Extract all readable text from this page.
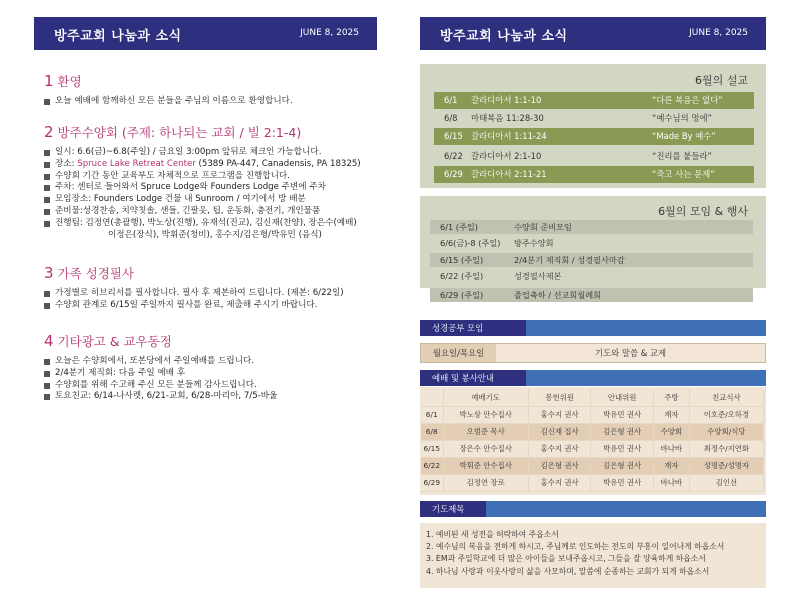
방주교회 나눔과 소식	JUNE 8, 2025	방주교회 나눔과 소식	JUNE 8, 2025
1 환영
오늘 예배에 함께하신 모든 분들을 주님의 이름으로 환영합니다.
2 방주수양회 (주제: 하나되는 교회 / 빌 2:1-4)
일시: 6.6(금)~6.8(주일) / 금요일 3:00pm 앞뒤로 체크인 가능합니다.
장소: Spruce Lake Retreat Center (5389 PA-447, Canadensis, PA 18325)
수양회 기간 동안 교육부도 자체적으로 프로그램을 진행합니다.
주차: 센터로 들어와서 Spruce Lodge와 Founders Lodge 주변에 주차
모임장소: Founders Lodge 건물 내 Sunroom / 여기에서 방 배분
준비물:성경찬송, 치약칫솔, 샌들, 긴팔옷, 팁, 운동화, 충전기, 개인물품
진행팀: 김정연(총괄행), 박노상(진행), 유재석(진교), 김신재(찬양), 장은수(예배)
이정은(장식), 박휘준(청비), 홍수지/김은형/박유민 (음식)
3 가족 성경필사
가정별로 히브리서를 필사합니다. 필사 후 제본하여 드립니다. (제본: 6/22일)
수양회 관계로 6/15일 주일까지 필사를 완료, 제출해 주시기 바랍니다.
4 기타광고 & 교우동정
오늘은 수양회에서, 또본당에서 주일예배를 드립니다.
2/4분기 제직회: 다음 주일 예배 후
수양회를 위해 수고해 주신 모든 분들께 감사드립니다.
토요친교: 6/14-나사렛, 6/21-교회, 6/28-마리아, 7/5-바울
6월의 설교
6/1 갈라디아서 1:1-10	“다른 복음은 없다”
6/8 마태복음 11:28-30	“예수님의 멍에”
6/15 갈라디아서 1:11-24	“Made By 예수”
6/22 갈라디아서 2:1-10	“진리를 붙들라”
6/29 갈라디아서 2:11-21	“죽고 사는 문제”
6월의 모임 & 행사
6/1 (주일)	수양회 준비모임
6/6(금)-8 (주일) 방주수양회
6/15 (주일)	2/4분기 제직회 / 성경필사마감
6/22 (주일)	성경필사제본
6/29 (주일)	졸업축하 / 선교회월례회
성경공부 모임
월요일/목요일	기도와 말씀 & 교제
예배 및 봉사안내
	예배기도	봉헌위원	안내위원	주방	친교식사
6/1	박노상 안수집사	홍수지 권사	박유민 권사	재자	이호준/오하경
6/8	오범준 목사	김신재 집사	김은형 권사	수양회	수양회/식당
6/15	장은수 안수집사	홍수지 권사	박유민 권사	바나바	최정수/지연화
6/22	박휘준 안수집사	김은형 권사	김은형 권사	재자	성명준/성명자
6/29	김정연 장로	홍수지 권사	박유민 권사	바나바	김인선
기도제목
1. 예비된 새 성전을 허락하여 주옵소서
2. 예수님의 복음을 전하게 하시고, 주님께로 인도하는 전도의 부흥이 일어나게 하옵소서
3. EM과 주일학교에 더 많은 아이들을 보내주옵시고, 그들을 잘 양육하게 하옵소서
4. 하나님 사랑과 이웃사랑의 삶을 사모하며, 말씀에 순종하는 교회가 되게 하옵소서
